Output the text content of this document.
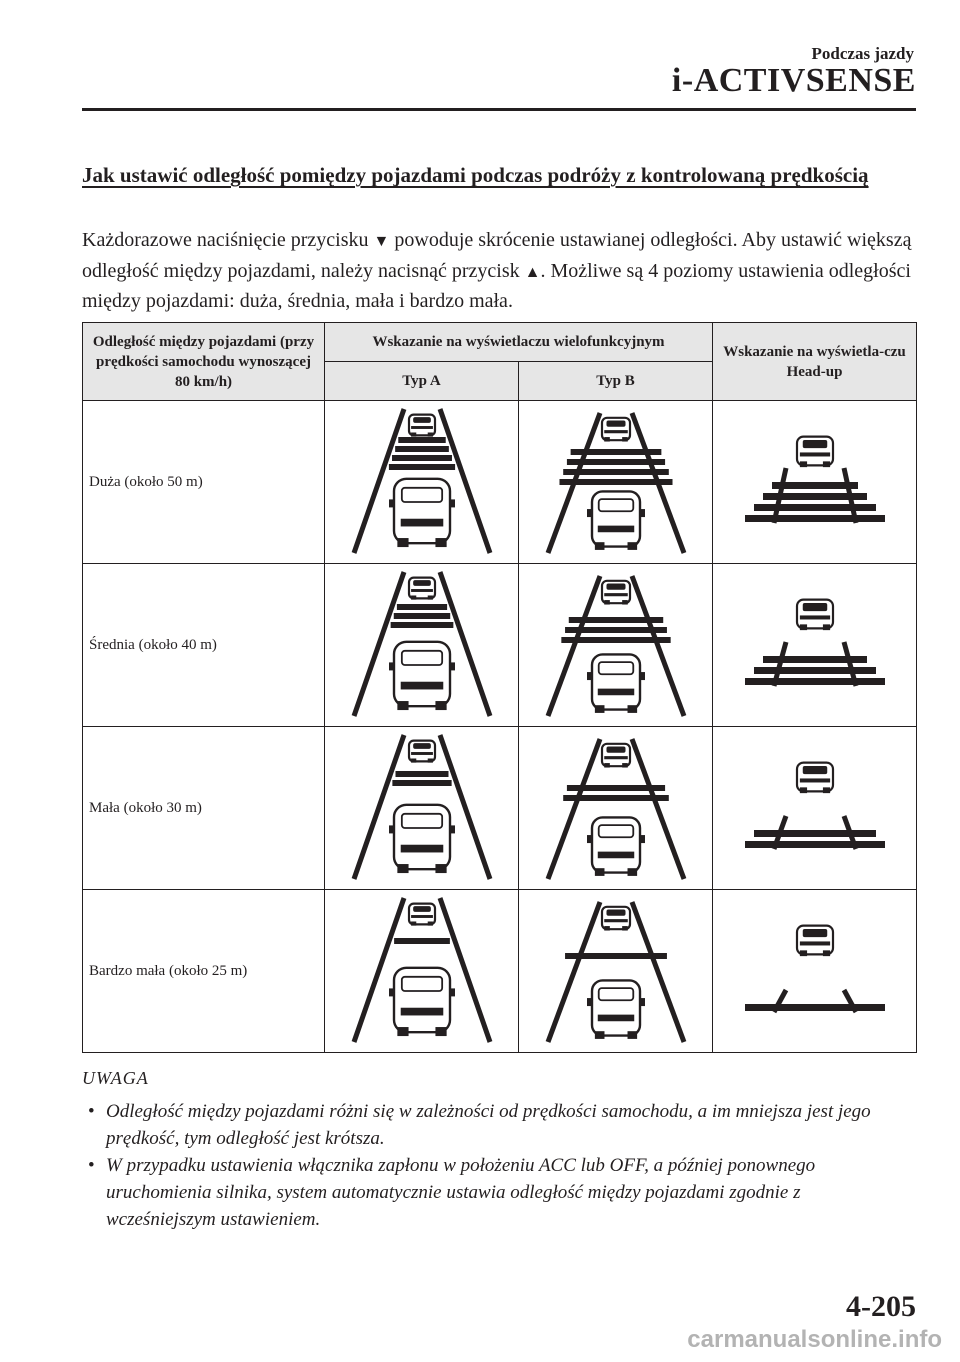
Podczas jazdy
i-ACTIVSENSE
Jak ustawić odległość pomiędzy pojazdami podczas podróży z kontrolowaną prędkością
Każdorazowe naciśnięcie przycisku ▼ powoduje skrócenie ustawianej odległości. Aby ustawić większą odległość między pojazdami, należy nacisnąć przycisk ▲. Możliwe są 4 poziomy ustawienia odległości między pojazdami: duża, średnia, mała i bardzo mała.
Odległość między pojazdami (przy prędkości samochodu wynoszącej 80 km/h)	Wskazanie na wyświetlaczu wielofunkcyjnym		Wskazanie na wyświetla-czu Head-up
	Typ A	Typ B	
Duża (około 50 m)	

Średnia (około 40 m)	

Mała (około 30 m)	

Bardzo mała (około 25 m)	

UWAGA
• Odległość między pojazdami różni się w zależności od prędkości samochodu, a im mniejsza jest jego prędkość, tym odległość jest krótsza.
• W przypadku ustawienia włącznika zapłonu w położeniu ACC lub OFF, a później ponownego uruchomienia silnika, system automatycznie ustawia odległość między pojazdami zgodnie z wcześniejszym ustawieniem.
4-205
carmanualsonline.info
